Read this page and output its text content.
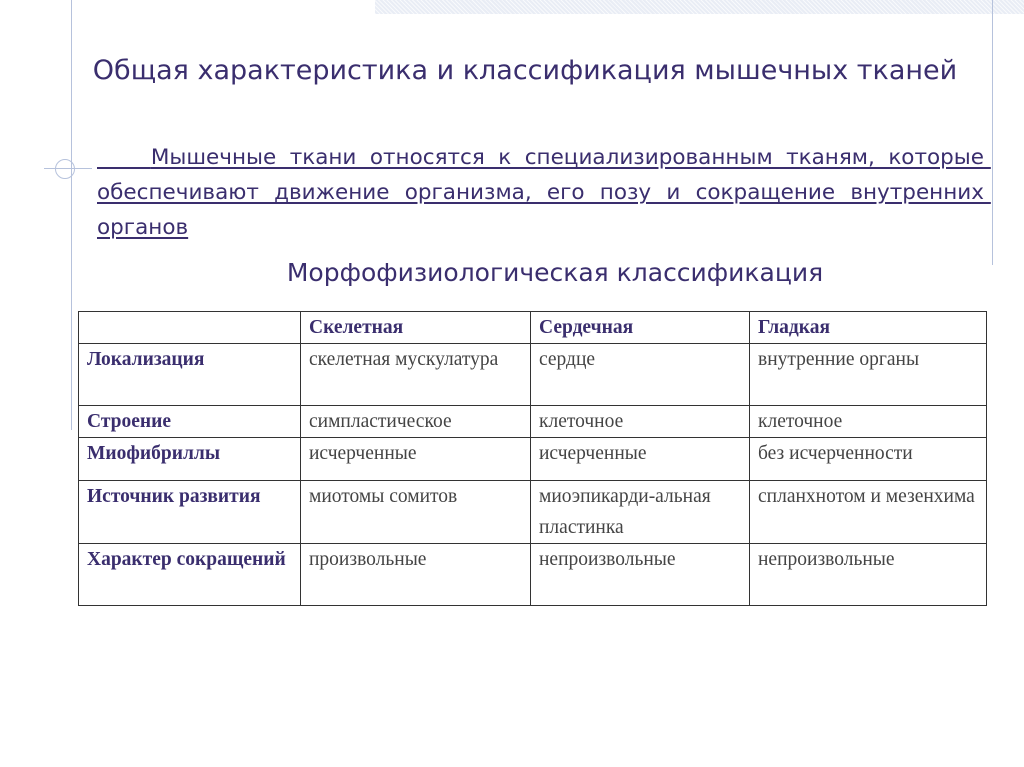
Общая характеристика и классификация мышечных тканей
Мышечные ткани относятся к специализированным тканям, которые обеспечивают движение организма, его позу и сокращение внутренних органов
Морфофизиологическая классификация
	Скелетная	Сердечная	Гладкая
Локализация	скелетная мускулатура	сердце	внутренние органы
Строение	симпластическое	клеточное	клеточное
Миофибриллы	исчерченные	исчерченные	без исчерченности
Источник развития	миотомы сомитов	миоэпикарди-альная пластинка	спланхнотом и мезенхима
Характер сокращений	произвольные	непроизвольные	непроизвольные
